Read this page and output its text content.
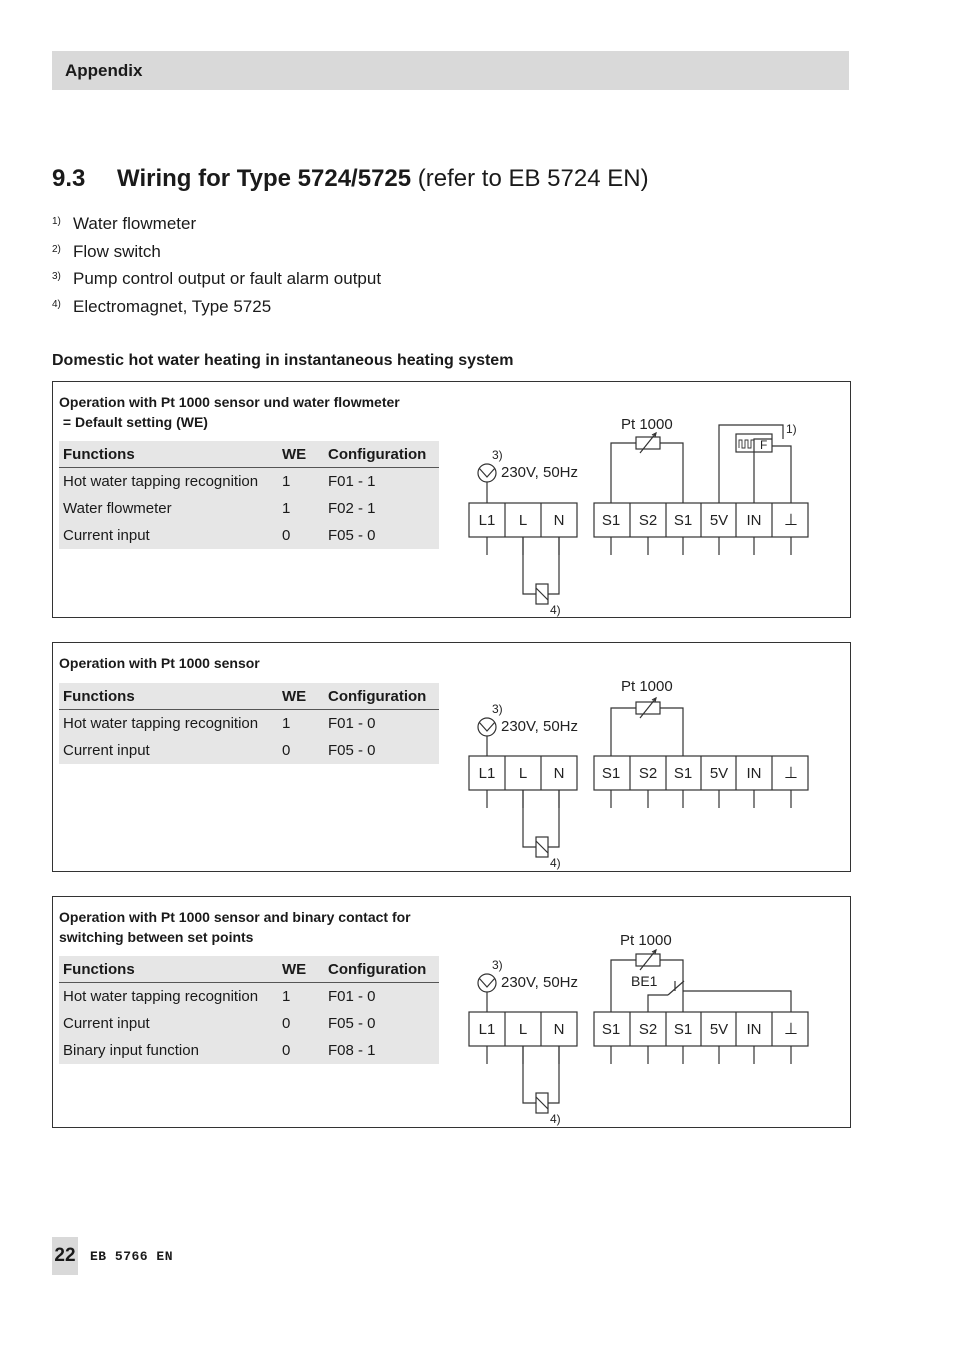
Appendix
9.3 Wiring for Type 5724/5725 (refer to EB 5724 EN)
1) Water flowmeter
2) Flow switch
3) Pump control output or fault alarm output
4) Electromagnet, Type 5725
Domestic hot water heating in instantaneous heating system
Operation with Pt 1000 sensor und water flowmeter
= Default setting (WE)
Functions	WE	Configuration
Hot water tapping recognition	1	F01 - 1
Water flowmeter	1	F02 - 1
Current input	0	F05 - 0
L1 L N
3)
230V, 50Hz
4)
S1 S2 S1 5V IN ⊥
Pt 1000
F
1)
Operation with Pt 1000 sensor
Functions	WE	Configuration
Hot water tapping recognition	1	F01 - 0
Current input	0	F05 - 0
L1 L N
3)
230V, 50Hz
4)
S1 S2 S1 5V IN ⊥
Pt 1000
Operation with Pt 1000 sensor and binary contact for
switching between set points
Functions	WE	Configuration
Hot water tapping recognition	1	F01 - 0
Current input	0	F05 - 0
Binary input function	0	F08 - 1
L1 L N
3)
230V, 50Hz
4)
S1 S2 S1 5V IN ⊥
Pt 1000
BE1
22 EB 5766 EN
